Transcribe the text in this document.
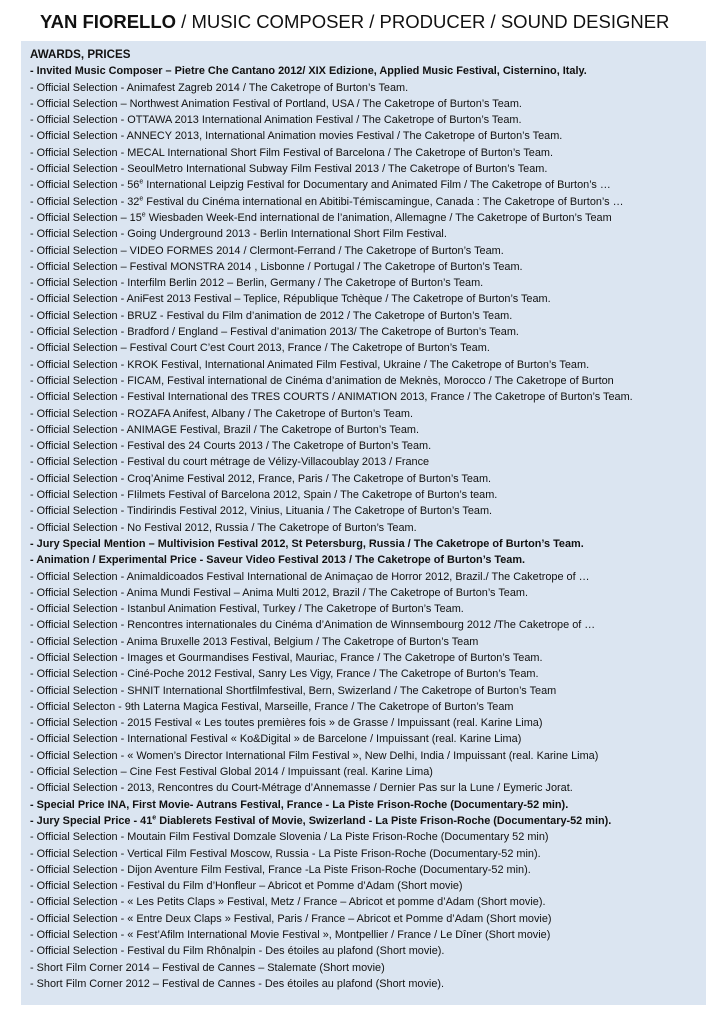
YAN FIORELLO / MUSIC COMPOSER / PRODUCER / SOUND DESIGNER
AWARDS, PRICES
- Invited Music Composer – Pietre Che Cantano 2012/ XIX Edizione, Applied Music Festival, Cisternino, Italy.
- Official Selection - Animafest Zagreb 2014 / The Caketrope of Burton’s Team.
- Official Selection – Northwest Animation Festival of Portland, USA / The Caketrope of Burton’s Team.
- Official Selection - OTTAWA 2013 International Animation Festival / The Caketrope of Burton’s Team.
- Official Selection - ANNECY 2013, International Animation movies Festival / The Caketrope of Burton’s Team.
- Official Selection - MECAL International Short Film Festival of Barcelona / The Caketrope of Burton’s Team.
- Official Selection - SeoulMetro International Subway Film Festival 2013 / The Caketrope of Burton’s Team.
- Official Selection - 56e International Leipzig Festival for Documentary and Animated Film / The Caketrope of Burton’s …
- Official Selection - 32e Festival du Cinéma international en Abitibi-Témiscamingue, Canada : The Caketrope of Burton’s …
- Official Selection – 15e Wiesbaden Week-End international de l’animation, Allemagne / The Caketrope of Burton’s Team
- Official Selection - Going Underground 2013 - Berlin International Short Film Festival.
- Official Selection – VIDEO FORMES 2014 / Clermont-Ferrand / The Caketrope of Burton’s Team.
- Official Selection – Festival MONSTRA 2014 , Lisbonne / Portugal / The Caketrope of Burton’s Team.
- Official Selection - Interfilm Berlin 2012 – Berlin, Germany / The Caketrope of Burton’s Team.
- Official Selection - AniFest 2013 Festival – Teplice, République Tchèque / The Caketrope of Burton’s Team.
- Official Selection - BRUZ - Festival du Film d’animation de 2012 / The Caketrope of Burton’s Team.
- Official Selection - Bradford / England – Festival d’animation 2013/ The Caketrope of Burton’s Team.
- Official Selection – Festival Court C’est Court 2013, France / The Caketrope of Burton’s Team.
- Official Selection - KROK Festival, International Animated Film Festival, Ukraine / The Caketrope of Burton’s Team.
- Official Selection - FICAM, Festival international de Cinéma d’animation de Meknès, Morocco / The Caketrope of Burton
- Official Selection - Festival International des TRES COURTS / ANIMATION 2013, France / The Caketrope of Burton’s Team.
- Official Selection - ROZAFA Anifest, Albany / The Caketrope of Burton’s Team.
- Official Selection - ANIMAGE Festival, Brazil / The Caketrope of Burton’s Team.
- Official Selection - Festival des 24 Courts 2013 / The Caketrope of Burton’s Team.
- Official Selection - Festival du court métrage de Vélizy-Villacoublay 2013 / France
- Official Selection - Croq’Anime Festival 2012, France, Paris / The Caketrope of Burton’s Team.
- Official Selection - FIilmets Festival of Barcelona 2012, Spain / The Caketrope of Burton’s team.
- Official Selection - Tindirindis Festival 2012, Vinius, Lituania / The Caketrope of Burton’s Team.
- Official Selection - No Festival 2012, Russia / The Caketrope of Burton’s Team.
- Jury Special Mention – Multivision Festival 2012, St Petersburg, Russia / The Caketrope of Burton’s Team.
- Animation / Experimental Price - Saveur Video Festival 2013 / The Caketrope of Burton’s Team.
- Official Selection - Animaldicoados Festival International de Animaçao de Horror 2012, Brazil./ The Caketrope of …
- Official Selection - Anima Mundi Festival – Anima Multi 2012, Brazil / The Caketrope of Burton’s Team.
- Official Selection - Istanbul Animation Festival, Turkey / The Caketrope of Burton’s Team.
- Official Selection - Rencontres internationales du Cinéma d’Animation de Winnsembourg 2012 /The Caketrope of …
- Official Selection - Anima Bruxelle 2013 Festival, Belgium / The Caketrope of Burton’s Team
- Official Selection - Images et Gourmandises Festival, Mauriac, France / The Caketrope of Burton’s Team.
- Official Selection - Ciné-Poche 2012 Festival, Sanry Les Vigy, France / The Caketrope of Burton’s Team.
- Official Selection - SHNIT International Shortfilmfestival, Bern, Swizerland / The Caketrope of Burton’s Team
- Official Selecton - 9th Laterna Magica Festival, Marseille, France / The Caketrope of Burton’s Team
- Official Selection - 2015 Festival « Les toutes premières fois » de Grasse / Impuissant (real. Karine Lima)
- Official Selection - International Festival « Ko&Digital » de Barcelone / Impuissant (real. Karine Lima)
- Official Selection - « Women’s Director International Film Festival », New Delhi, India / Impuissant (real. Karine Lima)
- Official Selection – Cine Fest Festival Global 2014 / Impuissant (real. Karine Lima)
- Official Selection - 2013, Rencontres du Court-Métrage d’Annemasse / Dernier Pas sur la Lune / Eymeric Jorat.
- Special Price INA, First Movie- Autrans Festival, France - La Piste Frison-Roche (Documentary-52 min).
- Jury Special Price - 41e Diablerets Festival of Movie, Swizerland - La Piste Frison-Roche (Documentary-52 min).
- Official Selection - Moutain Film Festival Domzale Slovenia / La Piste Frison-Roche (Documentary 52 min)
- Official Selection - Vertical Film Festival Moscow, Russia - La Piste Frison-Roche (Documentary-52 min).
- Official Selection - Dijon Aventure Film Festival, France -La Piste Frison-Roche (Documentary-52 min).
- Official Selection - Festival du Film d’Honfleur – Abricot et Pomme d’Adam (Short movie)
- Official Selection - « Les Petits Claps » Festival, Metz / France – Abricot et pomme d’Adam (Short movie).
- Official Selection - « Entre Deux Claps » Festival, Paris / France – Abricot et Pomme d’Adam (Short movie)
- Official Selection - « Fest’Afilm International Movie Festival », Montpellier / France / Le Dîner (Short movie)
- Official Selection - Festival du Film Rhônalpin - Des étoiles au plafond (Short movie).
- Short Film Corner 2014 – Festival de Cannes – Stalemate (Short movie)
- Short Film Corner 2012 – Festival de Cannes - Des étoiles au plafond (Short movie).
